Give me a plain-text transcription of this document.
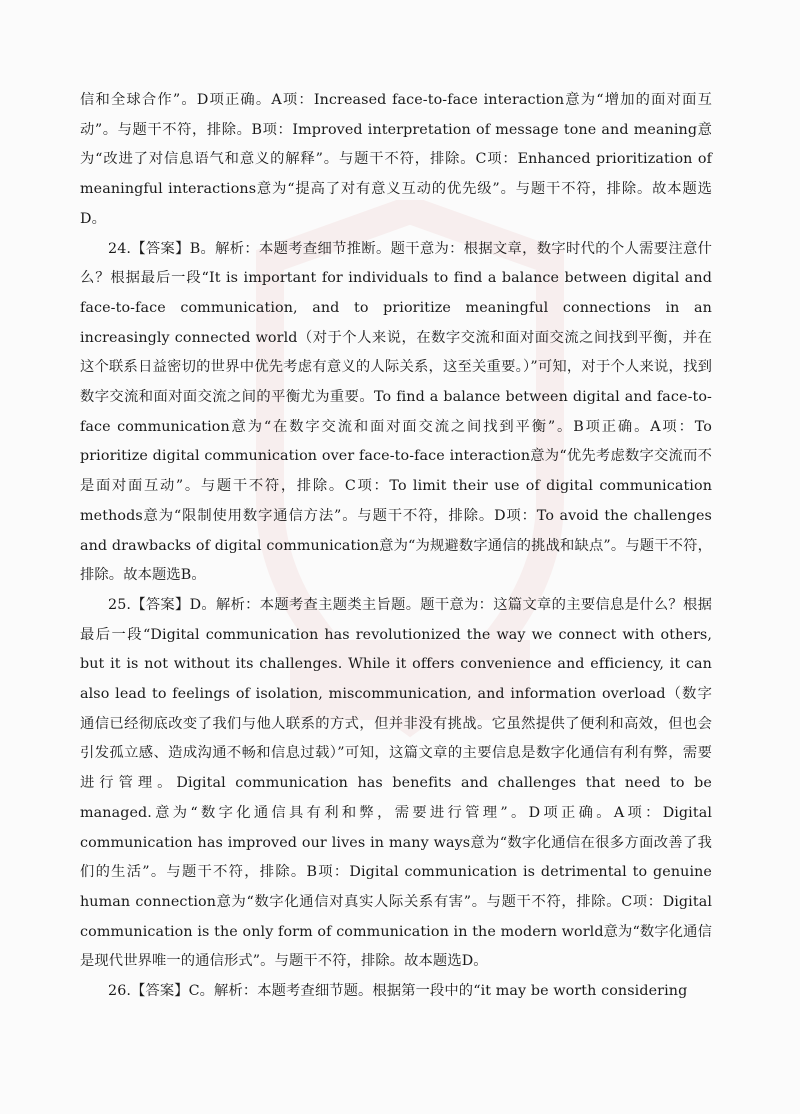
信和全球合作”。D项正确。A项：Increased face-to-face interaction意为“增加的面对面互动”。与题干不符，排除。B项：Improved interpretation of message tone and meaning意为“改进了对信息语气和意义的解释”。与题干不符，排除。C项：Enhanced prioritization of meaningful interactions意为“提高了对有意义互动的优先级”。与题干不符，排除。故本题选D。

24.【答案】B。解析：本题考查细节推断。题干意为：根据文章，数字时代的个人需要注意什么？根据最后一段“It is important for individuals to find a balance between digital and face-to-face communication, and to prioritize meaningful connections in an increasingly connected world（对于个人来说，在数字交流和面对面交流之间找到平衡，并在这个联系日益密切的世界中优先考虑有意义的人际关系，这至关重要。）”可知，对于个人来说，找到数字交流和面对面交流之间的平衡尤为重要。To find a balance between digital and face-to-face communication意为“在数字交流和面对面交流之间找到平衡”。B项正确。A项：To prioritize digital communication over face-to-face interaction意为“优先考虑数字交流而不是面对面互动”。与题干不符，排除。C项：To limit their use of digital communication methods意为“限制使用数字通信方法”。与题干不符，排除。D项：To avoid the challenges and drawbacks of digital communication意为“为规避数字通信的挑战和缺点”。与题干不符，排除。故本题选B。

25.【答案】D。解析：本题考查主题类主旨题。题干意为：这篇文章的主要信息是什么？根据最后一段“Digital communication has revolutionized the way we connect with others, but it is not without its challenges. While it offers convenience and efficiency, it can also lead to feelings of isolation, miscommunication, and information overload（数字通信已经彻底改变了我们与他人联系的方式，但并非没有挑战。它虽然提供了便利和高效，但也会引发孤立感、造成沟通不畅和信息过载）”可知，这篇文章的主要信息是数字化通信有利有弊，需要进行管理。Digital communication has benefits and challenges that need to be managed.意为“数字化通信具有利和弊，需要进行管理”。D项正确。A项：Digital communication has improved our lives in many ways意为“数字化通信在很多方面改善了我们的生活”。与题干不符，排除。B项：Digital communication is detrimental to genuine human connection意为“数字化通信对真实人际关系有害”。与题干不符，排除。C项：Digital communication is the only form of communication in the modern world意为“数字化通信是现代世界唯一的通信形式”。与题干不符，排除。故本题选D。

26.【答案】C。解析：本题考查细节题。根据第一段中的“it may be worth considering
